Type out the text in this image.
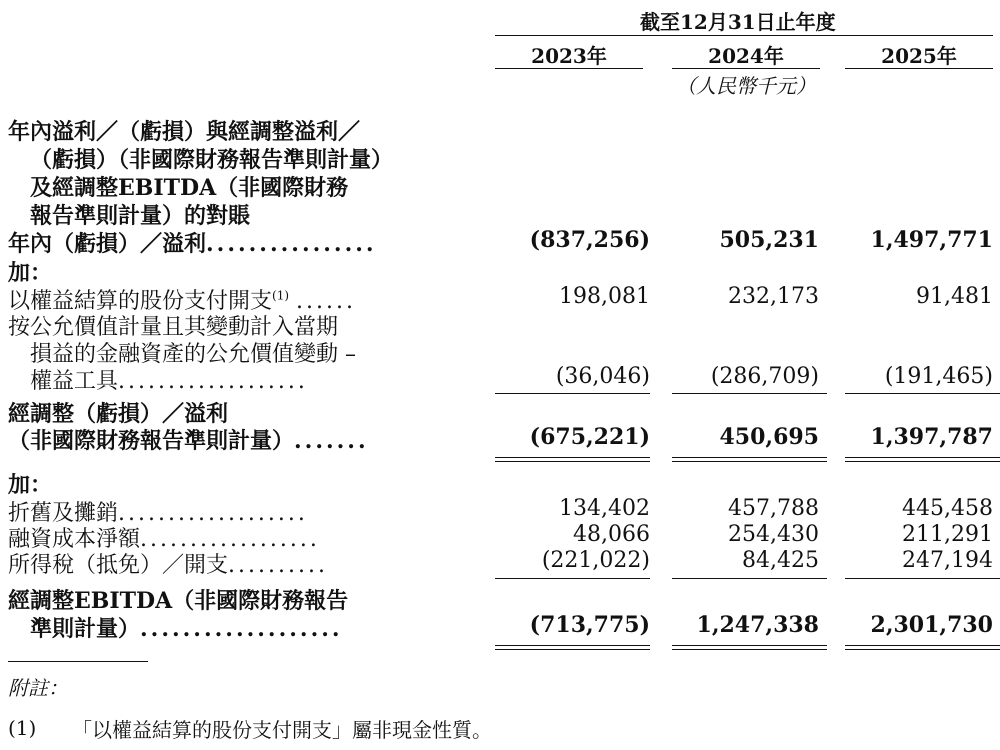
截至12月31日止年度
2023年	2024年	2025年
（人民幣千元）
年內溢利／（虧損）與經調整溢利／
（虧損）（非國際財務報告準則計量）
及經調整EBITDA（非國際財務
報告準則計量）的對賬
年內（虧損）／溢利................	(837,256)	505,231 1,497,771
加：
以權益結算的股份支付開支$^{(1)}$ ......	198,081	232,173	91,481
按公允價值計量且其變動計入當期
損益的金融資產的公允價值變動 –
權益工具...................	(36,046)	(286,709)	(191,465)
經調整（虧損）／溢利
（非國際財務報告準則計量）.......	(675,221)	450,695 1,397,787
加：
折舊及攤銷...................	134,402	457,788	445,458
融資成本淨額..................	48,066	254,430	211,291
所得稅（抵免）／開支..........	(221,022)	84,425	247,194
經調整EBITDA（非國際財務報告
準則計量）...................	(713,775) 1,247,338 2,301,730
附註：
(1) 「以權益結算的股份支付開支」屬非現金性質。
